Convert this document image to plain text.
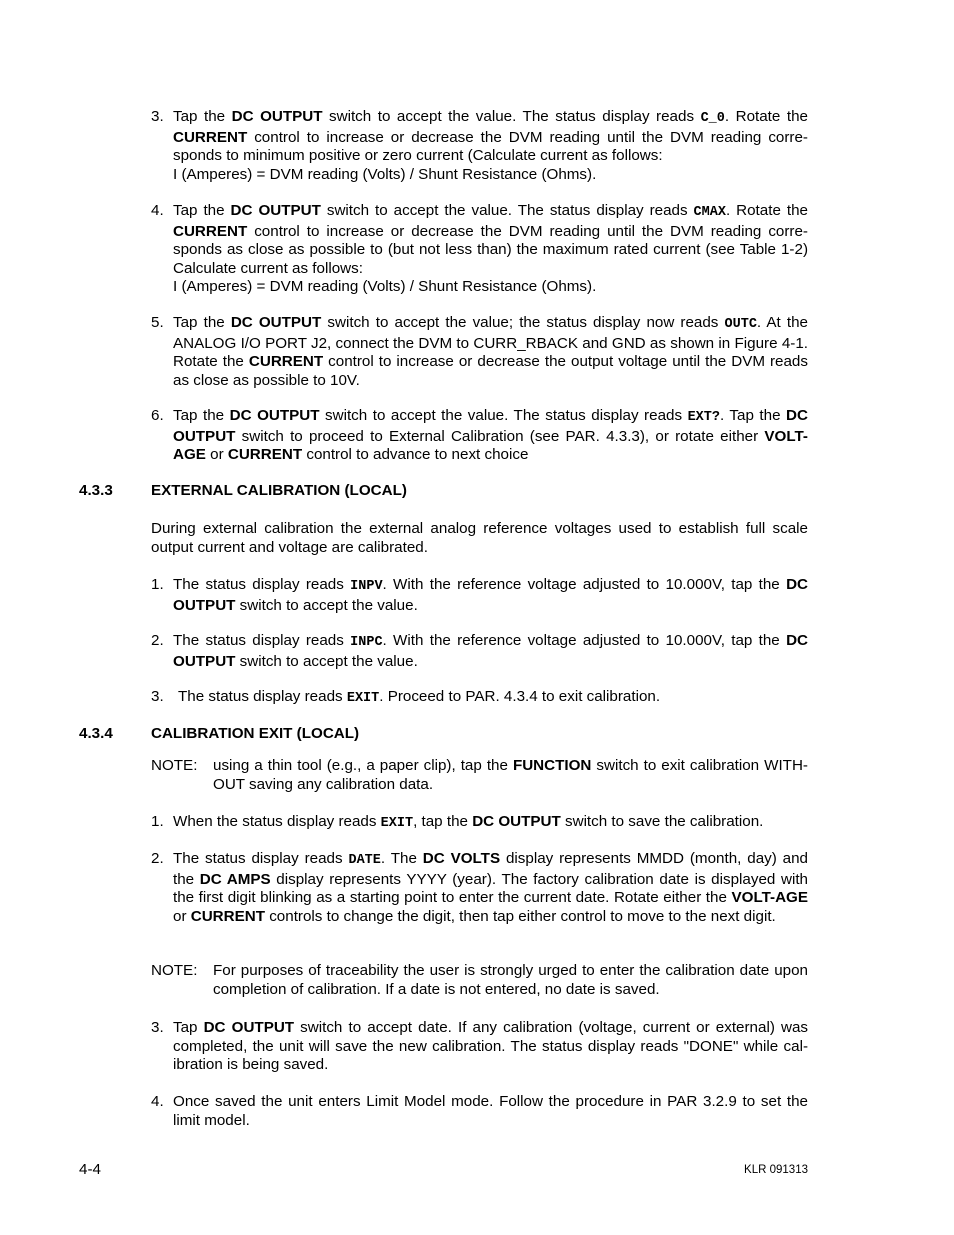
3. Tap the DC OUTPUT switch to accept the value. The status display reads C_0. Rotate the CURRENT control to increase or decrease the DVM reading until the DVM reading corre-sponds to minimum positive or zero current (Calculate current as follows:
I (Amperes) = DVM reading (Volts) / Shunt Resistance (Ohms).
4. Tap the DC OUTPUT switch to accept the value. The status display reads CMAX. Rotate the CURRENT control to increase or decrease the DVM reading until the DVM reading corre-sponds as close as possible to (but not less than) the maximum rated current (see Table 1-2) Calculate current as follows:
I (Amperes) = DVM reading (Volts) / Shunt Resistance (Ohms).
5. Tap the DC OUTPUT switch to accept the value; the status display now reads OUTC. At the ANALOG I/O PORT J2, connect the DVM to CURR_RBACK and GND as shown in Figure 4-1. Rotate the CURRENT control to increase or decrease the output voltage until the DVM reads as close as possible to 10V.
6. Tap the DC OUTPUT switch to accept the value. The status display reads EXT?. Tap the DC OUTPUT switch to proceed to External Calibration (see PAR. 4.3.3), or rotate either VOLT-AGE or CURRENT control to advance to next choice
4.3.3	EXTERNAL CALIBRATION (LOCAL)
During external calibration the external analog reference voltages used to establish full scale output current and voltage are calibrated.
1. The status display reads INPV. With the reference voltage adjusted to 10.000V, tap the DC OUTPUT switch to accept the value.
2. The status display reads INPC. With the reference voltage adjusted to 10.000V, tap the DC OUTPUT switch to accept the value.
3. The status display reads EXIT. Proceed to PAR. 4.3.4 to exit calibration.
4.3.4	CALIBRATION EXIT (LOCAL)
NOTE: using a thin tool (e.g., a paper clip), tap the FUNCTION switch to exit calibration WITH-OUT saving any calibration data.
1. When the status display reads EXIT, tap the DC OUTPUT switch to save the calibration.
2. The status display reads DATE. The DC VOLTS display represents MMDD (month, day) and the DC AMPS display represents YYYY (year). The factory calibration date is displayed with the first digit blinking as a starting point to enter the current date. Rotate either the VOLT-AGE or CURRENT controls to change the digit, then tap either control to move to the next digit.
NOTE: For purposes of traceability the user is strongly urged to enter the calibration date upon completion of calibration. If a date is not entered, no date is saved.
3. Tap DC OUTPUT switch to accept date. If any calibration (voltage, current or external) was completed, the unit will save the new calibration. The status display reads "DONE" while cal-ibration is being saved.
4. Once saved the unit enters Limit Model mode. Follow the procedure in PAR 3.2.9 to set the limit model.
4-4	KLR 091313
